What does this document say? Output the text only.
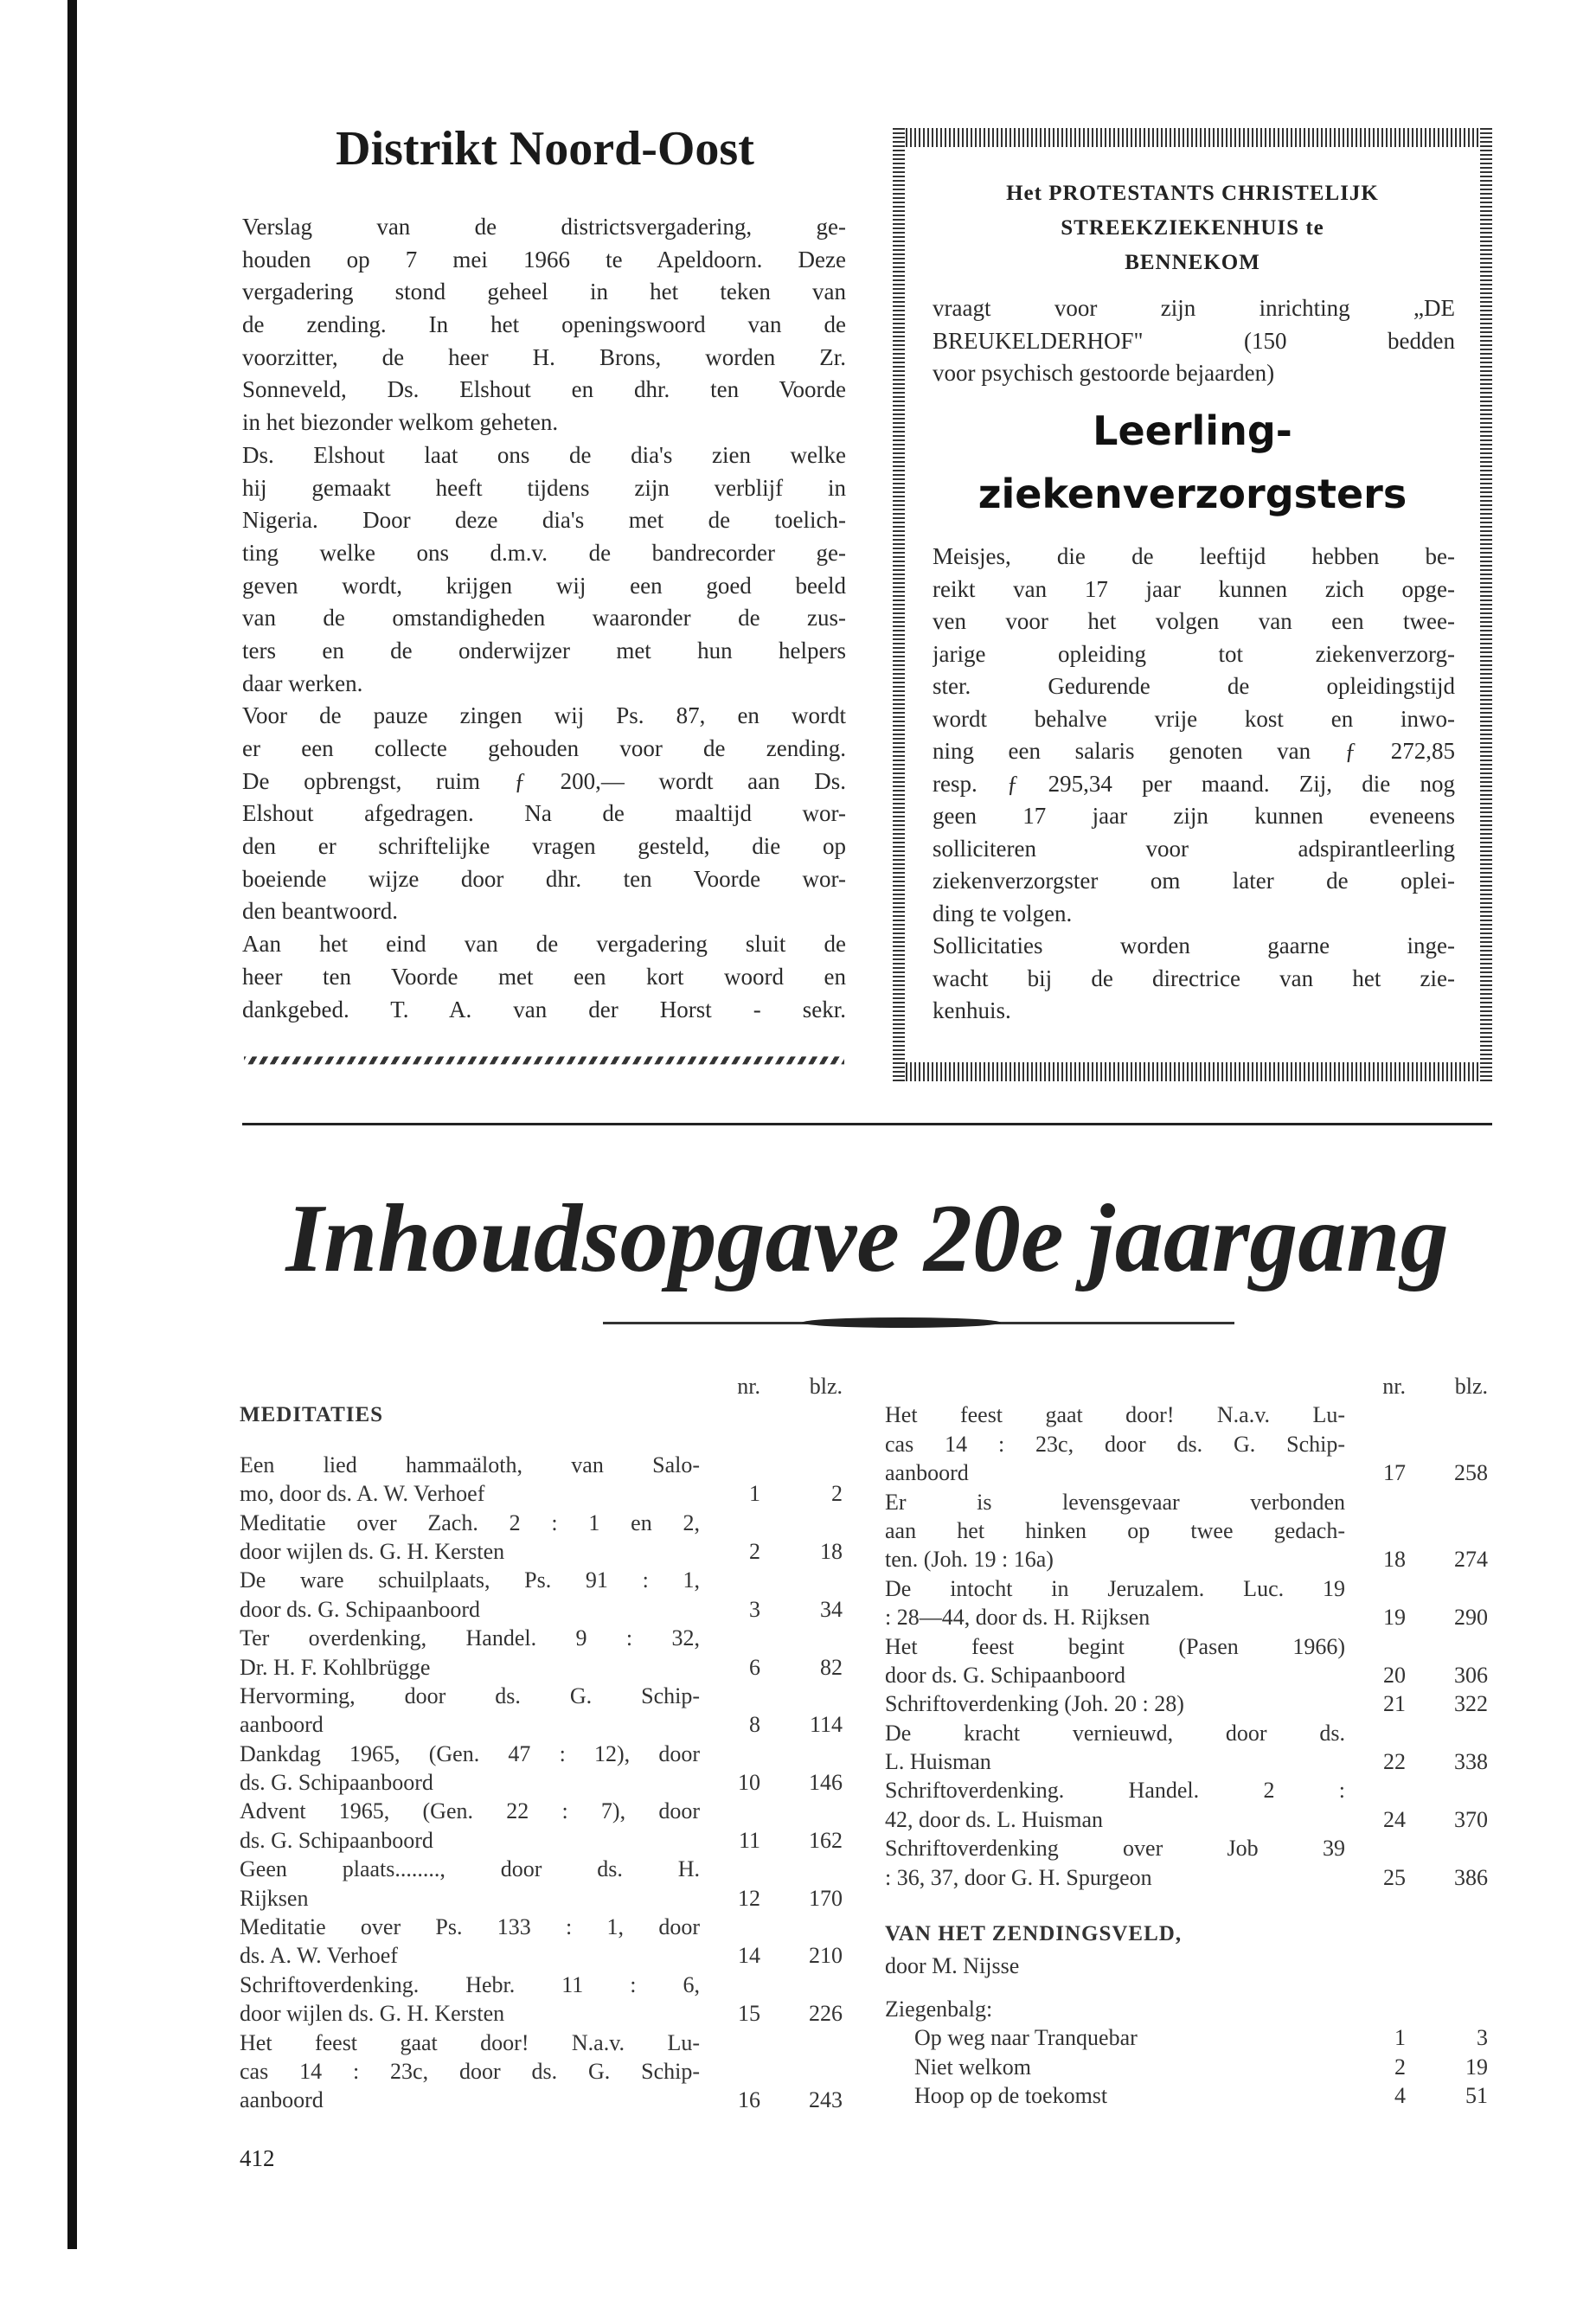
Distrikt Noord-Oost
Verslag van de districtsvergadering, ge-
houden op 7 mei 1966 te Apeldoorn. Deze
vergadering stond geheel in het teken van
de zending. In het openingswoord van de
voorzitter, de heer H. Brons, worden Zr.
Sonneveld, Ds. Elshout en dhr. ten Voorde
in het biezonder welkom geheten.
Ds. Elshout laat ons de dia's zien welke
hij gemaakt heeft tijdens zijn verblijf in
Nigeria. Door deze dia's met de toelich-
ting welke ons d.m.v. de bandrecorder ge-
geven wordt, krijgen wij een goed beeld
van de omstandigheden waaronder de zus-
ters en de onderwijzer met hun helpers
daar werken.
Voor de pauze zingen wij Ps. 87, en wordt
er een collecte gehouden voor de zending.
De opbrengst, ruim ƒ 200,— wordt aan Ds.
Elshout afgedragen. Na de maaltijd wor-
den er schriftelijke vragen gesteld, die op
boeiende wijze door dhr. ten Voorde wor-
den beantwoord.
Aan het eind van de vergadering sluit de
heer ten Voorde met een kort woord en
dankgebed. T. A. van der Horst - sekr.
Het PROTESTANTS CHRISTELIJK
STREEKZIEKENHUIS te
BENNEKOM
vraagt voor zijn inrichting „DE
BREUKELDERHOF" (150 bedden
voor psychisch gestoorde bejaarden)
Leerling-
ziekenverzorgsters
Meisjes, die de leeftijd hebben be-
reikt van 17 jaar kunnen zich opge-
ven voor het volgen van een twee-
jarige opleiding tot ziekenverzorg-
ster. Gedurende de opleidingstijd
wordt behalve vrije kost en inwo-
ning een salaris genoten van ƒ 272,85
resp. ƒ 295,34 per maand. Zij, die nog
geen 17 jaar zijn kunnen eveneens
solliciteren voor adspirantleerling
ziekenverzorgster om later de oplei-
ding te volgen.
Sollicitaties worden gaarne inge-
wacht bij de directrice van het zie-
kenhuis.
Inhoudsopgave 20e jaargang
nr.	blz.
MEDITATIES
Een lied hammaäloth, van Salo-
mo, door ds. A. W. Verhoef	1	2
Meditatie over Zach. 2 : 1 en 2,
door wijlen ds. G. H. Kersten	2	18
De ware schuilplaats, Ps. 91 : 1,
door ds. G. Schipaanboord	3	34
Ter overdenking, Handel. 9 : 32,
Dr. H. F. Kohlbrügge	6	82
Hervorming, door ds. G. Schip-
aanboord	8	114
Dankdag 1965, (Gen. 47 : 12), door
ds. G. Schipaanboord	10	146
Advent 1965, (Gen. 22 : 7), door
ds. G. Schipaanboord	11	162
Geen plaats........, door ds. H.
Rijksen	12	170
Meditatie over Ps. 133 : 1, door
ds. A. W. Verhoef	14	210
Schriftoverdenking. Hebr. 11 : 6,
door wijlen ds. G. H. Kersten	15	226
Het feest gaat door! N.a.v. Lu-
cas 14 : 23c, door ds. G. Schip-
aanboord	16	243
nr.	blz.
Het feest gaat door! N.a.v. Lu-
cas 14 : 23c, door ds. G. Schip-
aanboord	17	258
Er is levensgevaar verbonden
aan het hinken op twee gedach-
ten. (Joh. 19 : 16a)	18	274
De intocht in Jeruzalem. Luc. 19
: 28—44, door ds. H. Rijksen	19	290
Het feest begint (Pasen 1966)
door ds. G. Schipaanboord	20	306
Schriftoverdenking (Joh. 20 : 28)	21	322
De kracht vernieuwd, door ds.
L. Huisman	22	338
Schriftoverdenking. Handel. 2 :
42, door ds. L. Huisman	24	370
Schriftoverdenking over Job 39
: 36, 37, door G. H. Spurgeon	25	386
VAN HET ZENDINGSVELD,
door M. Nijsse
Ziegenbalg:
Op weg naar Tranquebar	1	3
Niet welkom	2	19
Hoop op de toekomst	4	51
412
